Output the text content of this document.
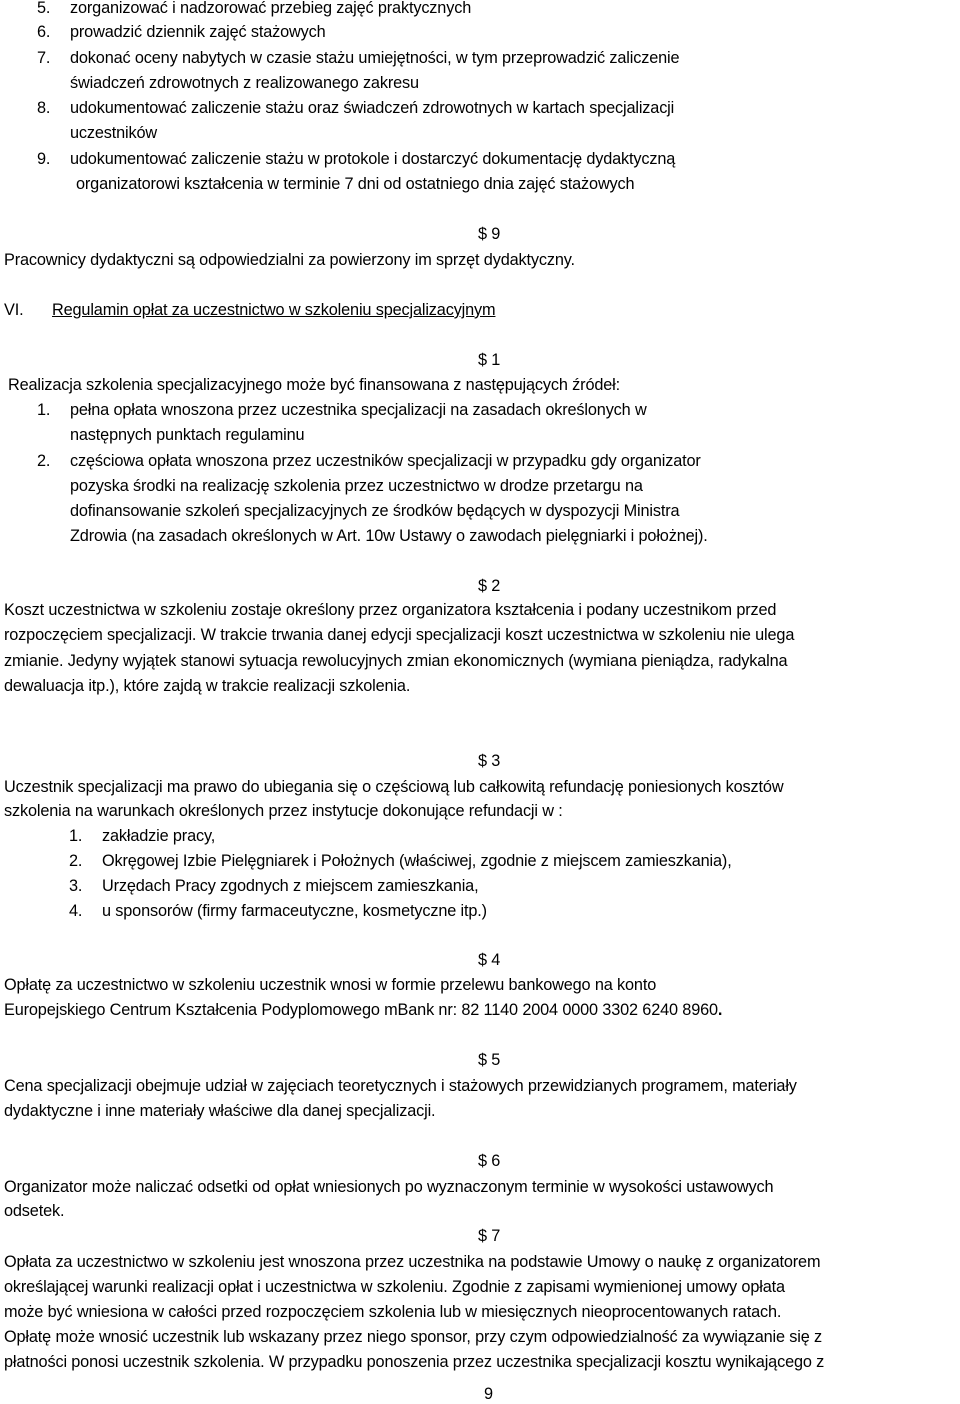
5. zorganizować i nadzorować przebieg zajęć praktycznych
6. prowadzić dziennik zajęć stażowych
7. dokonać oceny nabytych w czasie stażu umiejętności, w tym przeprowadzić zaliczenie
świadczeń zdrowotnych z realizowanego zakresu
8. udokumentować zaliczenie stażu oraz świadczeń zdrowotnych w kartach specjalizacji
uczestników
9. udokumentować zaliczenie stażu w protokole i dostarczyć dokumentację dydaktyczną
organizatorowi kształcenia w terminie 7 dni od ostatniego dnia zajęć stażowych
$ 9
Pracownicy dydaktyczni są odpowiedzialni za powierzony im sprzęt dydaktyczny.
VI. Regulamin opłat za uczestnictwo w szkoleniu specjalizacyjnym
$ 1
Realizacja szkolenia specjalizacyjnego może być finansowana z następujących źródeł:
1. pełna opłata wnoszona przez uczestnika specjalizacji na zasadach określonych w
następnych punktach regulaminu
2. częściowa opłata wnoszona przez uczestników specjalizacji w przypadku gdy organizator
pozyska środki na realizację szkolenia przez uczestnictwo w drodze przetargu na
dofinansowanie szkoleń specjalizacyjnych ze środków będących w dyspozycji Ministra
Zdrowia (na zasadach określonych w Art. 10w Ustawy o zawodach pielęgniarki i położnej).
$ 2
Koszt uczestnictwa w szkoleniu zostaje określony przez organizatora kształcenia i podany uczestnikom przed
rozpoczęciem specjalizacji. W trakcie trwania danej edycji specjalizacji koszt uczestnictwa w szkoleniu nie ulega
zmianie. Jedyny wyjątek stanowi sytuacja rewolucyjnych zmian ekonomicznych (wymiana pieniądza, radykalna
dewaluacja itp.), które zajdą w trakcie realizacji szkolenia.
$ 3
Uczestnik specjalizacji ma prawo do ubiegania się o częściową lub całkowitą refundację poniesionych kosztów
szkolenia na warunkach określonych przez instytucje dokonujące refundacji w :
1. zakładzie pracy,
2. Okręgowej Izbie Pielęgniarek i Położnych (właściwej, zgodnie z miejscem zamieszkania),
3. Urzędach Pracy zgodnych z miejscem zamieszkania,
4. u sponsorów (firmy farmaceutyczne, kosmetyczne itp.)
$ 4
Opłatę za uczestnictwo w szkoleniu uczestnik wnosi w formie przelewu bankowego na konto
Europejskiego Centrum Kształcenia Podyplomowego mBank nr: 82 1140 2004 0000 3302 6240 8960.
$ 5
Cena specjalizacji obejmuje udział w zajęciach teoretycznych i stażowych przewidzianych programem, materiały
dydaktyczne i inne materiały właściwe dla danej specjalizacji.
$ 6
Organizator może naliczać odsetki od opłat wniesionych po wyznaczonym terminie w wysokości ustawowych
odsetek.
$ 7
Opłata za uczestnictwo w szkoleniu jest wnoszona przez uczestnika na podstawie Umowy o naukę z organizatorem
określającej warunki realizacji opłat i uczestnictwa w szkoleniu. Zgodnie z zapisami wymienionej umowy opłata
może być wniesiona w całości przed rozpoczęciem szkolenia lub w miesięcznych nieoprocentowanych ratach.
Opłatę może wnosić uczestnik lub wskazany przez niego sponsor, przy czym odpowiedzialność za wywiązanie się z
płatności ponosi uczestnik szkolenia. W przypadku ponoszenia przez uczestnika specjalizacji kosztu wynikającego z
9
